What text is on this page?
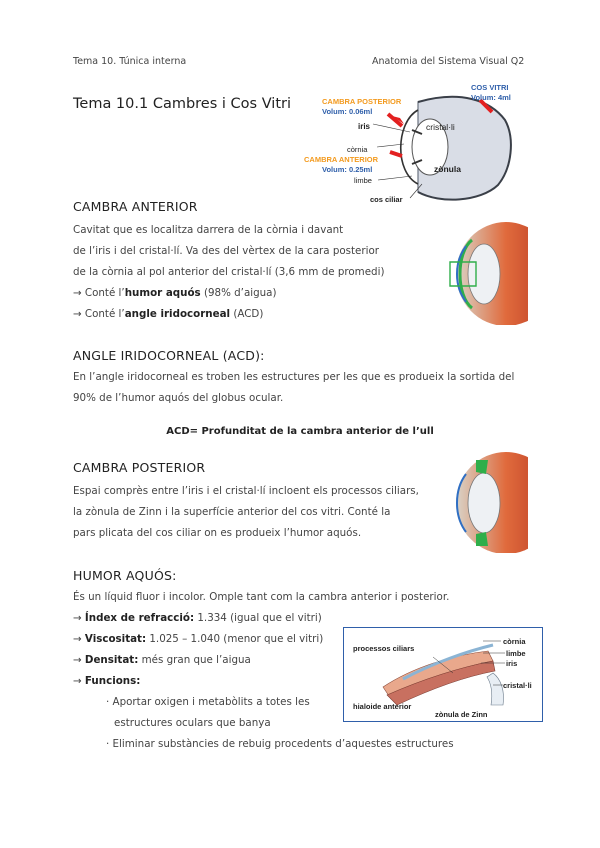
Tema 10. Túnica interna	Anatomia del Sistema Visual Q2
Tema 10.1 Cambres i Cos Vitri	CAMBRA POSTERIOR
Volum: 0.06ml
COS VITRI
Volum: 4ml
iris	cristal·li
còrnia
CAMBRA ANTERIOR
Volum: 0.25ml	zònula
limbe
cos ciliar
CAMBRA ANTERIOR
Cavitat que es localitza darrera de la còrnia i davant
de l’iris i del cristal·lí. Va des del vèrtex de la cara posterior
de la còrnia al pol anterior del cristal·lí (3,6 mm de promedi)
→ Conté l’humor aquós (98% d’aigua)
→ Conté l’angle iridocorneal (ACD)
ANGLE IRIDOCORNEAL (ACD):
En l’angle iridocorneal es troben les estructures per les que es produeix la sortida del
90% de l’humor aquós del globus ocular.
ACD= Profunditat de la cambra anterior de l’ull
CAMBRA POSTERIOR
Espai comprès entre l’iris i el cristal·lí incloent els processos ciliars,
la zònula de Zinn i la superfície anterior del cos vitri. Conté la
pars plicata del cos ciliar on es produeix l’humor aquós.
HUMOR AQUÓS:
És un líquid fluor i incolor. Omple tant com la cambra anterior i posterior.
→ Índex de refracció: 1.334 (igual que el vitri)
→ Viscositat: 1.025 – 1.040 (menor que el vitri)
→ Densitat: més gran que l’aigua
→ Funcions:
· Aportar oxigen i metabòlits a totes les
estructures oculars que banya
· Eliminar substàncies de rebuig procedents d’aquestes estructures
processos ciliars
còrnia
limbe
iris
cristal·li
hialoide anterior
zònula de Zinn
